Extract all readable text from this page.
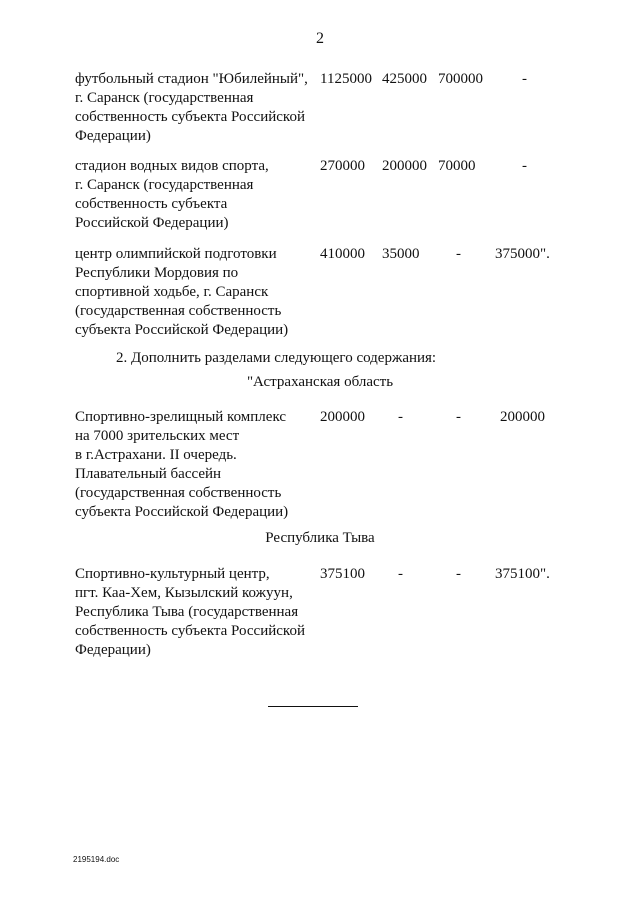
2
футбольный стадион "Юбилейный",
г. Саранск (государственная
собственность субъекта Российской
Федерации)
1125000 425000 700000	-
стадион водных видов спорта,
г. Саранск (государственная
собственность субъекта
Российской Федерации)
270000 200000 70000	-
центр олимпийской подготовки
Республики Мордовия по
спортивной ходьбе, г. Саранск
(государственная собственность
субъекта Российской Федерации)
410000 35000 - 375000".
2. Дополнить разделами следующего содержания:
"Астраханская область
Спортивно-зрелищный комплекс
на 7000 зрительских мест
в г.Астрахани. II очередь.
Плавательный бассейн
(государственная собственность
субъекта Российской Федерации)
200000 -	-	200000
Республика Тыва
Спортивно-культурный центр,
пгт. Каа-Хем, Кызылский кожуун,
Республика Тыва (государственная
собственность субъекта Российской
Федерации)
375100 -	- 375100".
2195194.doc
